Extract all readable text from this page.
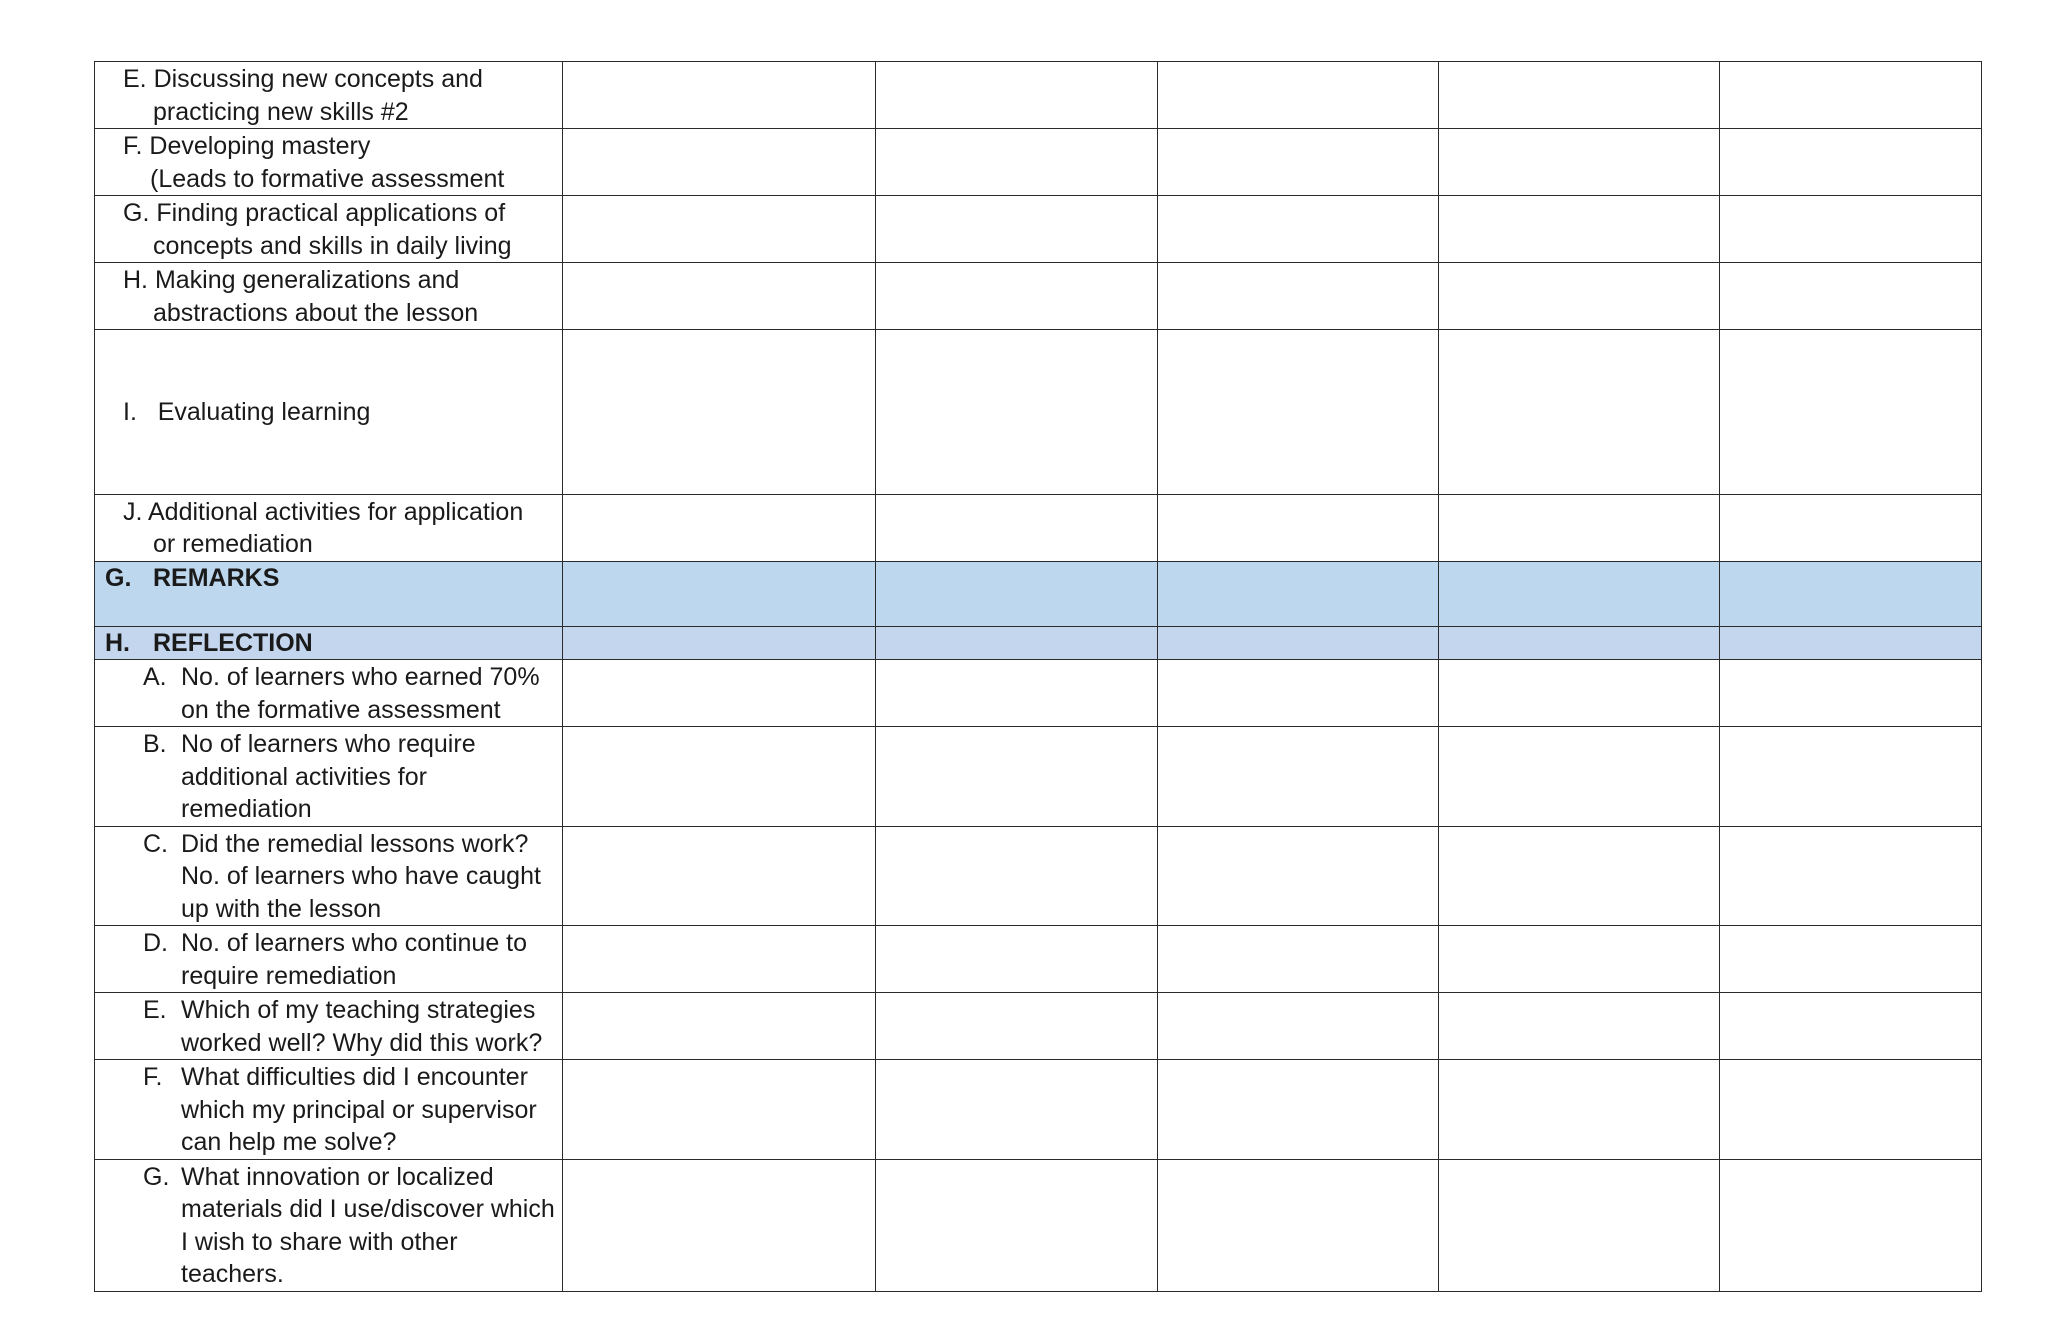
E. Discussing new concepts and
practicing new skills #2					

F. Developing mastery
(Leads to formative assessment					

G. Finding practical applications of
concepts and skills in daily living					

H. Making generalizations and
abstractions about the lesson					

I.   Evaluating learning					

J. Additional activities for application
or remediation					

G. REMARKS					

H. REFLECTION					

A. No. of learners who earned 70% on the formative assessment					

B. No of learners who require additional activities for remediation					

C. Did the remedial lessons work? No. of learners who have caught up with the lesson					

D. No. of learners who continue to require remediation					

E. Which of my teaching strategies worked well? Why did this work?					

F. What difficulties did I encounter which my principal or supervisor can help me solve?					

G. What innovation or localized materials did I use/discover which I wish to share with other teachers.					
